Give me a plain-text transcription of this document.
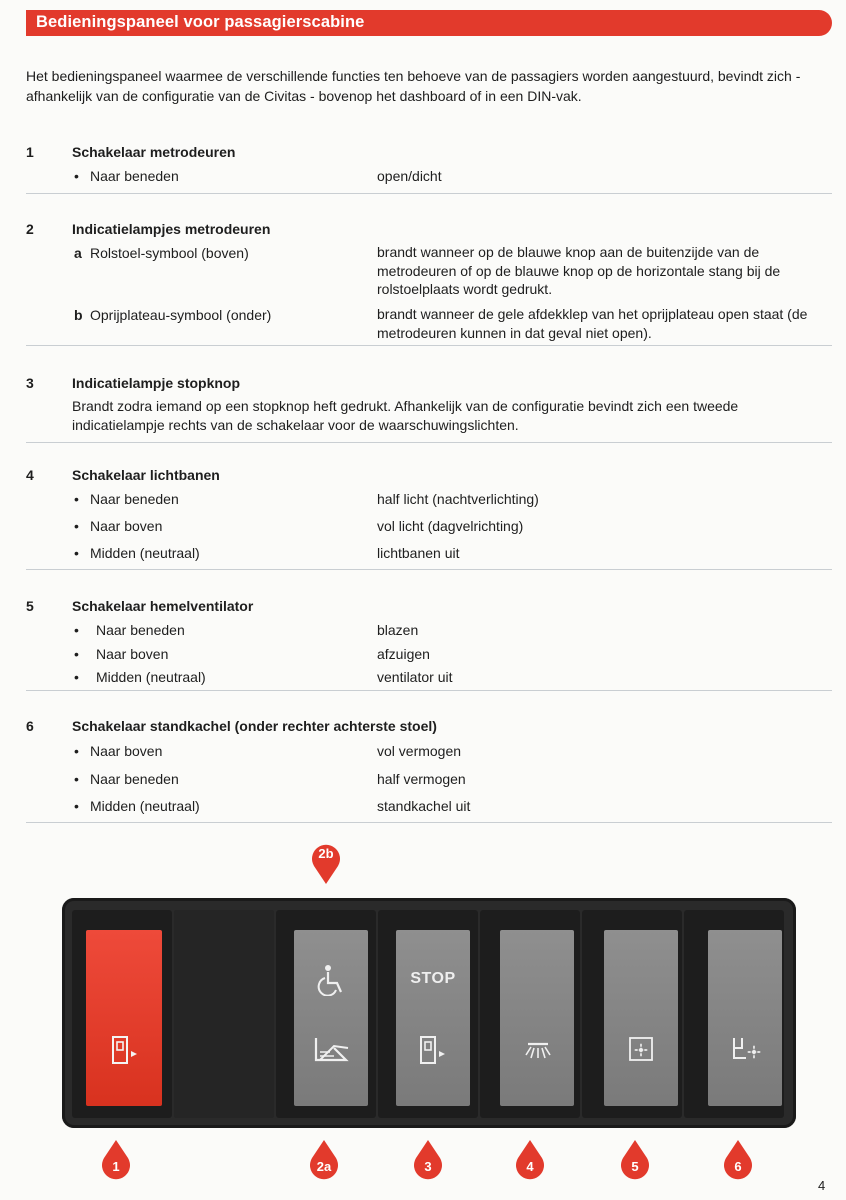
Bedieningspaneel voor passagierscabine
Het bedieningspaneel waarmee de verschillende functies ten behoeve van de passagiers worden aangestuurd, bevindt zich - afhankelijk van de configuratie van de Civitas - bovenop het dashboard of in een DIN-vak.
1	Schakelaar metrodeuren
• Naar beneden	open/dicht
2	Indicatielampjes metrodeuren
a Rolstoel-symbool (boven)	brandt wanneer op de blauwe knop aan de buitenzijde van de metrodeuren of op de blauwe knop op de horizontale stang bij de rolstoelplaats wordt gedrukt.
b Oprijplateau-symbool (onder)	brandt wanneer de gele afdekklep van het oprijplateau open staat (de metrodeuren kunnen in dat geval niet open).
3	Indicatielampje stopknop
Brandt zodra iemand op een stopknop heft gedrukt. Afhankelijk van de configuratie bevindt zich een tweede indicatielampje rechts van de schakelaar voor de waarschuwingslichten.
4	Schakelaar lichtbanen
• Naar beneden	half licht (nachtverlichting)
• Naar boven	vol licht (dagvelrichting)
• Midden (neutraal)	lichtbanen uit
5	Schakelaar hemelventilator
• Naar beneden	blazen
• Naar boven	afzuigen
• Midden (neutraal)	ventilator uit
6	Schakelaar standkachel (onder rechter achterste stoel)
• Naar boven	vol vermogen
• Naar beneden	half vermogen
• Midden (neutraal)	standkachel uit
2b
STOP
1	2a	3	4	5	6
4
